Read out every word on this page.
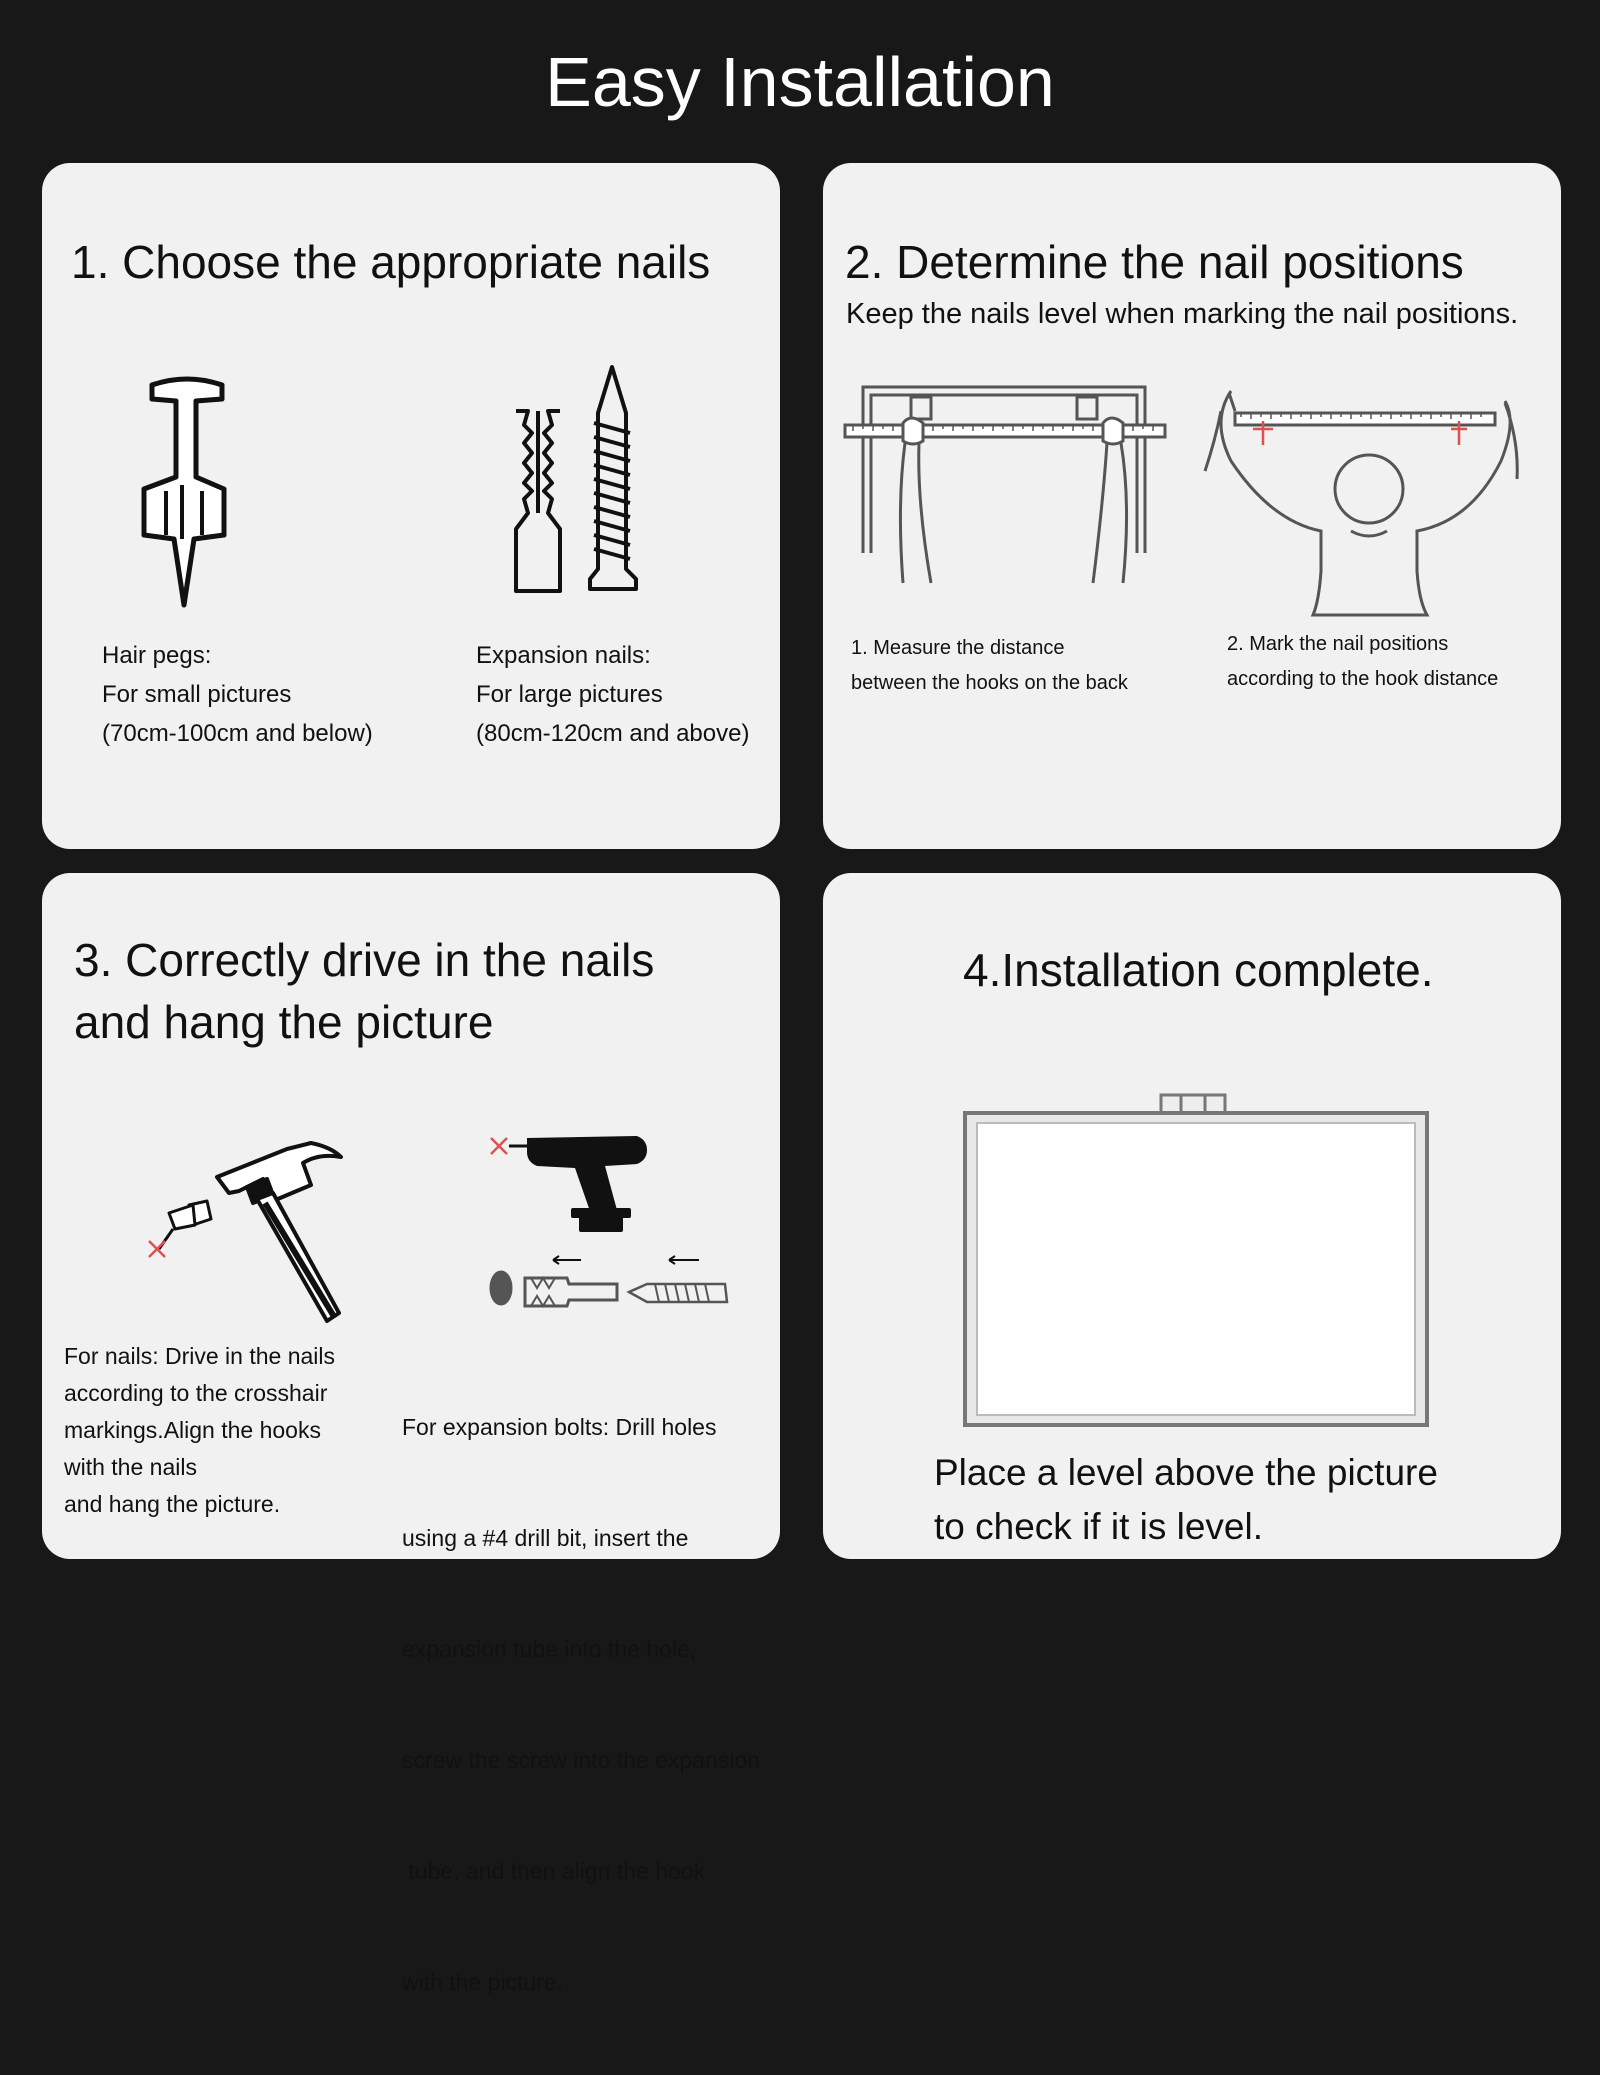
Easy Installation
1. Choose the appropriate nails
Hair pegs:
For small pictures
(70cm-100cm and below)
Expansion nails:
For large pictures
(80cm-120cm and above)
2. Determine the nail positions
Keep the nails level when marking the nail positions.
1. Measure the distance
between the hooks on the back
2. Mark the nail positions
according to the hook distance
3. Correctly drive in the nails
and hang the picture
For nails: Drive in the nails
according to the crosshair
markings.Align the hooks
with the nails
and hang the picture.

For expansion bolts: Drill holes

using a #4 drill bit, insert the

expansion tube into the hole,

screw the screw into the expansion

tube, and then align the hook

with the picture.

4.Installation complete.
Place a level above the picture
to check if it is level.
